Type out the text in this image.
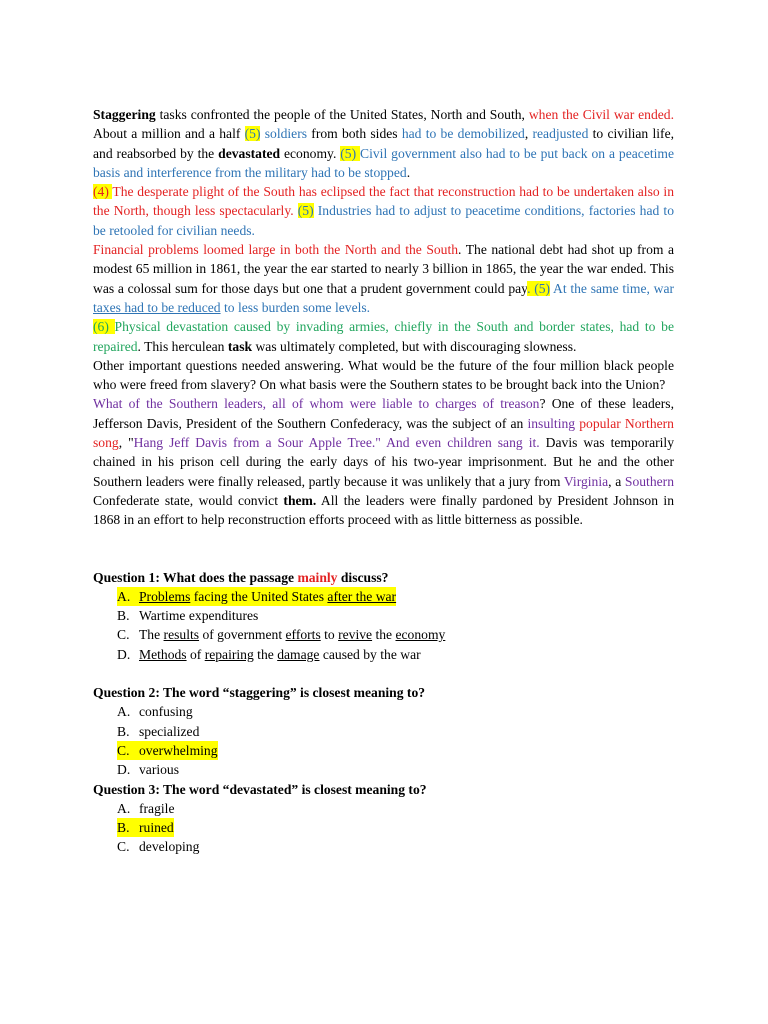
Staggering tasks confronted the people of the United States, North and South, when the Civil war ended. About a million and a half (5) soldiers from both sides had to be demobilized, readjusted to civilian life, and reabsorbed by the devastated economy. (5) Civil government also had to be put back on a peacetime basis and interference from the military had to be stopped.

(4) The desperate plight of the South has eclipsed the fact that reconstruction had to be undertaken also in the North, though less spectacularly. (5) Industries had to adjust to peacetime conditions, factories had to be retooled for civilian needs.

Financial problems loomed large in both the North and the South. The national debt had shot up from a modest 65 million in 1861, the year the ear started to nearly 3 billion in 1865, the year the war ended. This was a colossal sum for those days but one that a prudent government could pay. (5) At the same time, war taxes had to be reduced to less burden some levels.

(6) Physical devastation caused by invading armies, chiefly in the South and border states, had to be repaired. This herculean task was ultimately completed, but with discouraging slowness.

Other important questions needed answering. What would be the future of the four million black people who were freed from slavery? On what basis were the Southern states to be brought back into the Union?

What of the Southern leaders, all of whom were liable to charges of treason? One of these leaders, Jefferson Davis, President of the Southern Confederacy, was the subject of an insulting popular Northern song, "Hang Jeff Davis from a Sour Apple Tree." And even children sang it. Davis was temporarily chained in his prison cell during the early days of his two-year imprisonment. But he and the other Southern leaders were finally released, partly because it was unlikely that a jury from Virginia, a Southern Confederate state, would convict them. All the leaders were finally pardoned by President Johnson in 1868 in an effort to help reconstruction efforts proceed with as little bitterness as possible.

Question 1: What does the passage mainly discuss?

A. Problems facing the United States after the war
B. Wartime expenditures
C. The results of government efforts to revive the economy
D. Methods of repairing the damage caused by the war

Question 2: The word “staggering” is closest meaning to?

A. confusing
B. specialized
C. overwhelming
D. various

Question 3: The word “devastated” is closest meaning to?

A. fragile
B. ruined
C. developing
